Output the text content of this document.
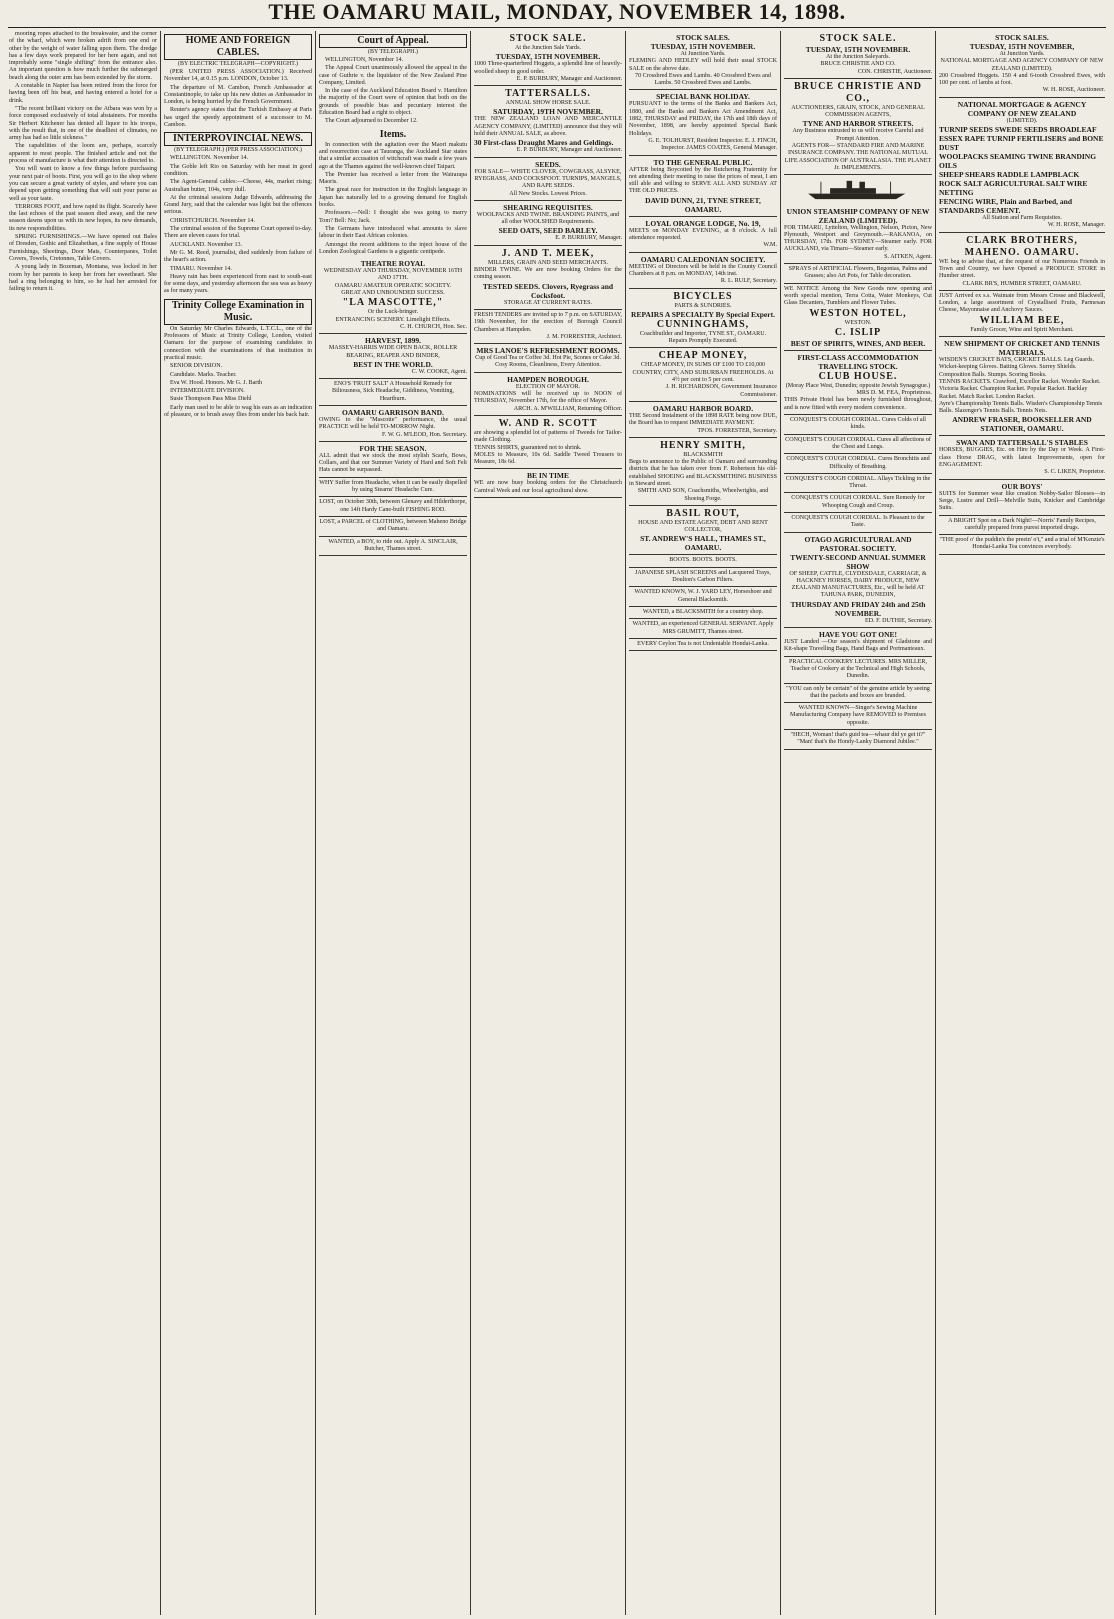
THE OAMARU MAIL, MONDAY, NOVEMBER 14, 1898.

mooring ropes attached to the breakwater, and the corner of the wharf, which were broken adrift from one end or other by the weight of water falling upon them. The dredge has a few days work prepared for her here again, and not improbably some "single shifting" from the entrance also. An important question is how much further the submerged beach along the outer arm has been extended by the storm.

A constable in Napier has been retired from the force for having been off his beat, and having entered a hotel for a drink.

"The recent brilliant victory on the Atbara was won by a force composed exclusively of total abstainers. For months Sir Herbert Kitchener has denied all liquor to his troops, with the result that, in one of the deadliest of climates, no army has had so little sickness."

The capabilities of the loom are, perhaps, scarcely apparent to most people. The finished article and not the process of manufacture is what their attention is directed to.

You will want to know a few things before purchasing your next pair of boots. First, you will go to the shop where you can secure a great variety of styles, and where you can depend upon getting something that will suit your purse as well as your taste.

TERRORS FOOT, and how rapid its flight. Scarcely have the last echoes of the past season died away, and the new season dawns upon us with its new hopes, its new demands, its new responsibilities.

SPRING FURNISHINGS.—We have opened out Bales of Dresden, Gothic and Elizabethan, a fine supply of House Furnishings, Sheetings, Door Mats, Counterpanes, Toilet Covers, Towels, Cretonnes, Table Covers.

A young lady in Bozeman, Montana, was locked in her room by her parents to keep her from her sweetheart. She had a ring belonging to him, so he had her arrested for failing to return it.

HOME AND FOREIGN CABLES.
(BY ELECTRIC TELEGRAPH—COPYRIGHT.)

(PER UNITED PRESS ASSOCIATION.) Received November 14, at 0.15 p.m. LONDON, October 13.

The departure of M. Cambon, French Ambassador at Constantinople, to take up his new duties as Ambassador in London, is being hurried by the French Government.

Reuter's agency states that the Turkish Embassy at Paris has urged the speedy appointment of a successor to M. Cambon.

INTERPROVINCIAL NEWS.
(BY TELEGRAPH.) (PER PRESS ASSOCIATION.)

WELLINGTON. November 14.

The Goble left Rio on Saturday with her meat in good condition.

The Agent-General cables:—Cheese, 44s, market rising; Australian butter, 104s, very dull.

At the criminal sessions Judge Edwards, addressing the Grand Jury, said that the calendar was light but the offences serious.

CHRISTCHURCH. November 14.

The criminal session of the Supreme Court opened to-day. There are eleven cases for trial.

AUCKLAND. November 13.

Mr G. M. Reed, journalist, died suddenly from failure of the heart's action.

TIMARU. November 14.

Heavy rain has been experienced from east to south-east for some days, and yesterday afternoon the sea was as heavy as for many years.

Trinity College Examination in Music.

On Saturday Mr Charles Edwards, L.T.C.L., one of the Professors of Music at Trinity College, London, visited Oamaru for the purpose of examining candidates in connection with the examinations of that institution in practical music.

SENIOR DIVISION.

Candidate. Marks. Teacher.

Eva W. Hood. Honors. Mr G. J. Barth

INTERMEDIATE DIVISION.

Susie Thompson Pass Miss Diehl

Early man used to be able to wag his ears as an indication of pleasure, or to brush away flies from under his back hair.

Court of Appeal.
(BY TELEGRAPH.)

WELLINGTON, November 14.

The Appeal Court unanimously allowed the appeal in the case of Guthrie v. the liquidator of the New Zealand Pine Company, Limited.

In the case of the Auckland Education Board v. Hamilton the majority of the Court were of opinion that both on the grounds of possible bias and pecuniary interest the Education Board had a right to object.

The Court adjourned to December 12.

Items.

In connection with the agitation over the Maori makutu and resurrection case at Tauranga, the Auckland Star states that a similar accusation of witchcraft was made a few years ago at the Thames against the well-known chief Taipari.

The Premier has received a letter from the Wairarapa Maoris.

The great race for instruction in the English language in Japan has naturally led to a growing demand for English books.

Professors.—Nell: I thought she was going to marry Tom? Bell: No; Jack.

The Germans have introduced what amounts to slave labour in their East African colonies.

Amongst the recent additions to the inject house of the London Zoological Gardens is a gigantic centipede.

THEATRE ROYAL
WEDNESDAY AND THURSDAY, NOVEMBER 16TH AND 17TH.
OAMARU AMATEUR OPERATIC SOCIETY.
GREAT AND UNBOUNDED SUCCESS.
"LA MASCOTTE,"
Or the Luck-bringer.
ENTRANCING SCENERY. Limelight Effects.
C. H. CHURCH, Hon. Sec.
HARVEST, 1899.
MASSEY-HARRIS WIDE OPEN BACK, ROLLER BEARING, REAPER AND BINDER,
BEST IN THE WORLD.
C. W. COOKE, Agent.
ENO'S 'FRUIT SALT' A Household Remedy for Biliousness, Sick Headache, Giddiness, Vomiting, Heartburn.
OAMARU GARRISON BAND.
OWING to the "Mascotte" performance, the usual PRACTICE will be held TO-MORROW Night.
F. W. G. M'LEOD, Hon. Secretary.
FOR THE SEASON.
ALL admit that we stock the most stylish Scarfs, Bows, Collars, and that our Summer Variety of Hard and Soft Felt Hats cannot be surpassed.
WHY Suffer from Headache, when it can be easily dispelled by using Stearns' Headache Cure.
LOST, on October 30th, between Glenavy and Hilderthorpe, one 14ft Hardy Cane-built FISHING ROD.
LOST, a PARCEL of CLOTHING, between Maheno Bridge and Oamaru.
WANTED, a BOY, to ride out. Apply A. SINCLAIR, Butcher, Thames street.
STOCK SALE.
At the Junction Sale Yards.
TUESDAY, 15TH NOVEMBER.
1000 Three-quarterbred Hoggets, a splendid line of heavily-woolled sheep in good order.
E. P. BURBURY, Manager and Auctioneer.
TATTERSALLS.
ANNUAL SHOW HORSE SALE.
SATURDAY, 19TH NOVEMBER.
THE NEW ZEALAND LOAN AND MERCANTILE AGENCY COMPANY, (LIMITED) announce that they will hold their ANNUAL SALE, as above.
30 First-class Draught Mares and Geldings.
E. P. BURBURY, Manager and Auctioneer.
SEEDS.
FOR SALE— WHITE CLOVER, COWGRASS, ALSYKE, RYEGRASS, AND COCKSFOOT. TURNIPS, MANGELS, AND RAPE SEEDS.
All New Stocks. Lowest Prices.
SHEARING REQUISITES.
WOOLPACKS AND TWINE. BRANDING PAINTS, and all other WOOLSHED Requirements.
SEED OATS, SEED BARLEY.
E. P. BURBURY, Manager.
J. AND T. MEEK,
MILLERS, GRAIN AND SEED MERCHANTS.
BINDER TWINE. We are now booking Orders for the coming season.
TESTED SEEDS. Clovers, Ryegrass and Cocksfoot.
STORAGE AT CURRENT RATES.
FRESH TENDERS are invited up to 7 p.m. on SATURDAY, 19th November, for the erection of Borough Council Chambers at Hampden.
J. M. FORRESTER, Architect.
MRS LANOE'S REFRESHMENT ROOMS.
Cup of Good Tea or Coffee 3d. Hot Pie, Scones or Cake 3d.
Cosy Rooms, Cleanliness, Every Attention.
HAMPDEN BOROUGH.
ELECTION OF MAYOR.
NOMINATIONS will be received up to NOON of THURSDAY, November 17th, for the office of Mayor.
ARCH. A. M'WILLIAM, Returning Officer.
W. AND R. SCOTT
are showing a splendid lot of patterns of Tweeds for Tailor-made Clothing.
TENNIS SHIRTS, guaranteed not to shrink.
MOLES to Measure, 10s 6d. Saddle Tweed Trousers to Measure, 18s 6d.
BE IN TIME
WE are now busy booking orders for the Christchurch Carnival Week and our local agricultural show.
STOCK SALES.
TUESDAY, 15TH NOVEMBER.
At Junction Yards.
FLEMING AND HEDLEY will hold their usual STOCK SALE on the above date.
70 Crossbred Ewes and Lambs. 40 Crossbred Ewes and Lambs. 50 Crossbred Ewes and Lambs.
SPECIAL BANK HOLIDAY.
PURSUANT to the terms of the Banks and Bankers Act, 1880, and the Banks and Bankers Act Amendment Act, 1882, THURSDAY and FRIDAY, the 17th and 18th days of November, 1898, are hereby appointed Special Bank Holidays.
G. E. TOLHURST, Resident Inspector. E. J. FINCH, Inspector. JAMES COATES, General Manager.
TO THE GENERAL PUBLIC.
AFTER being Boycotted by the Butchering Fraternity for not attending their meeting to raise the prices of meat, I am still able and willing to SERVE ALL AND SUNDAY AT THE OLD PRICES.
DAVID DUNN, 21, TYNE STREET, OAMARU.
LOYAL ORANGE LODGE, No. 19,
MEETS on MONDAY EVENING, at 8 o'clock. A full attendance requested.
W.M.
OAMARU CALEDONIAN SOCIETY.
MEETING of Directors will be held in the County Council Chambers at 8 p.m. on MONDAY, 14th inst.
R. L. RULF, Secretary.
BICYCLES
PARTS & SUNDRIES.
REPAIRS A SPECIALTY By Special Expert.
CUNNINGHAMS,
Coachbuilder and Importer, TYNE ST., OAMARU.
Repairs Promptly Executed.
CHEAP MONEY,
CHEAP MONEY, IN SUMS OF £100 TO £10,000
COUNTRY, CITY, AND SUBURBAN FREEHOLDS. At 4½ per cent to 5 per cent.
J. H. RICHARDSON, Government Insurance Commissioner.
OAMARU HARBOR BOARD.
THE Second Instalment of the 1898 RATE being now DUE, the Board has to request IMMEDIATE PAYMENT.
TPOS. FORRESTER, Secretary.
HENRY SMITH,
BLACKSMITH
Begs to announce to the Public of Oamaru and surrounding districts that he has taken over from F. Robertson his old-established SHOEING and BLACKSMITHING BUSINESS in Steward street.
SMITH AND SON, Coachsmiths, Wheelwrights, and Shoeing Forge.
BASIL ROUT,
HOUSE AND ESTATE AGENT, DEBT AND RENT COLLECTOR,
ST. ANDREW'S HALL, THAMES ST., OAMARU.
BOOTS. BOOTS. BOOTS.
JAPANESE SPLASH SCREENS and Lacquered Trays, Doulton's Carbon Filters.
WANTED KNOWN, W. J. YARD LEY, Horseshoer and General Blacksmith.
WANTED, a BLACKSMITH for a country shop.
WANTED, an experienced GENERAL SERVANT. Apply MRS GRUMITT, Thames street.
EVERY Ceylon Tea is not Undeniable Hondai-Lanka.
STOCK SALE.
TUESDAY, 15TH NOVEMBER.
At the Junction Saleyards.
BRUCE CHRISTIE AND CO.
CON. CHRISTIE, Auctioneer.
BRUCE CHRISTIE AND CO.,
AUCTIONEERS, GRAIN, STOCK, AND GENERAL COMMISSION AGENTS,
TYNE AND HARBOR STREETS.
Any Business entrusted to us will receive Careful and Prompt Attention.
AGENTS FOR— STANDARD FIRE AND MARINE INSURANCE COMPANY. THE NATIONAL MUTUAL LIFE ASSOCIATION OF AUSTRALASIA. THE PLANET Jr. IMPLEMENTS.
UNION STEAMSHIP COMPANY OF NEW ZEALAND (LIMITED).
FOR TIMARU, Lyttelton, Wellington, Nelson, Picton, New Plymouth, Westport and Greymouth.—RAKANOA, on THURSDAY, 17th. FOR SYDNEY—Steamer early. FOR AUCKLAND, via Timaru—Steamer early.
S. AITKEN, Agent.
SPRAYS of ARTIFICIAL Flowers, Begonias, Palms and Grasses; also Art Pots, for Table decoration.
WE NOTICE Among the New Goods now opening and worth special mention, Terra Cotta, Water Monkeys, Cut Glass Decanters, Tumblers and Flower Tubes.
WESTON HOTEL,
WESTON.
C. ISLIP
BEST OF SPIRITS, WINES, AND BEER.
FIRST-CLASS ACCOMMODATION TRAVELLING STOCK.
CLUB HOUSE.
(Moray Place West, Dunedin; opposite Jewish Synagogue.)
MRS D. M. FEA, Proprietress.
THIS Private Hotel has been newly furnished throughout, and is now fitted with every modern convenience.
CONQUEST'S COUGH CORDIAL. Cures Colds of all kinds.
CONQUEST'S COUGH CORDIAL. Cures all affections of the Chest and Lungs.
CONQUEST'S COUGH CORDIAL. Cures Bronchitis and Difficulty of Breathing.
CONQUEST'S COUGH CORDIAL. Allays Tickling in the Throat.
CONQUEST'S COUGH CORDIAL. Sure Remedy for Whooping Cough and Croup.
CONQUEST'S COUGH CORDIAL. Is Pleasant to the Taste.
OTAGO AGRICULTURAL AND PASTORAL SOCIETY.
TWENTY-SECOND ANNUAL SUMMER SHOW
OF SHEEP, CATTLE, CLYDESDALE, CARRIAGE, & HACKNEY HORSES, DAIRY PRODUCE, NEW ZEALAND MANUFACTURES, Etc., will be held AT TAHUNA PARK, DUNEDIN,
THURSDAY AND FRIDAY 24th and 25th NOVEMBER.
ED. F. DUTHIE, Secretary.
HAVE YOU GOT ONE!
JUST Landed —Our season's shipment of Gladstone and Kit-shape Travelling Bags, Hand Bags and Portmanteaux.
PRACTICAL COOKERY LECTURES. MRS MILLER, Teacher of Cookery at the Technical and High Schools, Dunedin.
"YOU can only be certain" of the genuine article by seeing that the packets and boxes are branded.
WANTED KNOWN—Singer's Sewing Machine Manufacturing Company have REMOVED to Premises opposite.
"HECH, Woman! that's guid tea—whaur did ye get it?" "Man! that's the Hondy-Lanky Diamond Jubilee."
STOCK SALES.
TUESDAY, 15TH NOVEMBER,
At Junction Yards.
NATIONAL MORTGAGE AND AGENCY COMPANY OF NEW ZEALAND (LIMITED).
200 Crossbred Hoggets. 150 4 and 6-tooth Crossbred Ewes, with 100 per cent. of lambs at foot.
W. H. ROSE, Auctioneer.
NATIONAL MORTGAGE & AGENCY COMPANY OF NEW ZEALAND
(LIMITED).
TURNIP SEEDS SWEDE SEEDS BROADLEAF ESSEX RAPE TURNIP FERTILISERS and BONE DUST
WOOLPACKS SEAMING TWINE BRANDING OILS
SHEEP SHEARS RADDLE LAMPBLACK
ROCK SALT AGRICULTURAL SALT WIRE NETTING
FENCING WIRE, Plain and Barbed, and STANDARDS CEMENT.
All Station and Farm Requisites.
W. H. ROSE, Manager.
CLARK BROTHERS, MAHENO. OAMARU.
WE beg to advise that, at the request of our Numerous Friends in Town and Country, we have Opened a PRODUCE STORE in Humber street.
CLARK BR'S, HUMBER STREET, OAMARU.
JUST Arrived ex s.s. Waimate from Messrs Crosse and Blackwell, London, a large assortment of Crystallised Fruits, Parmesan Cheese, Mayonnaise and Anchovy Sauces.
WILLIAM BEE,
Family Grocer, Wine and Spirit Merchant.
NEW SHIPMENT OF CRICKET AND TENNIS MATERIALS.
WISDEN'S CRICKET BATS, CRICKET BALLS. Leg Guards. Wicket-keeping Gloves. Batting Gloves. Surrey Shields. Composition Balls. Stumps. Scoring Books.
TENNIS RACKETS. Crawford, Excellor Racket. Wonder Racket. Victoria Racket. Champion Racket. Popular Racket. Backlay Racket. Match Racket. London Racket.
Ayre's Championship Tennis Balls. Wisden's Championship Tennis Balls. Slazenger's Tennis Balls. Tennis Nets.
ANDREW FRASER, BOOKSELLER AND STATIONER, OAMARU.
SWAN AND TATTERSALL'S STABLES
HORSES, BUGGIES, Etc. on Hire by the Day or Week. A First-class Horse DRAG, with latest Improvements, open for ENGAGEMENT.
S. C. LIKEN, Proprietor.
OUR BOYS'
SUITS for Summer wear like creation Nobby-Sailor Blouses—in Serge, Lustre and Drill—Melville Suits, Knicker and Cambridge Suits.
A BRIGHT Spot on a Dark Night!—Norris' Family Recipes, carefully prepared from purest imported drugs.
"THE proof o' the puddin's the preein' o't," and a trial of M'Kenzie's Hondai-Lanka Tea convinces everybody.
